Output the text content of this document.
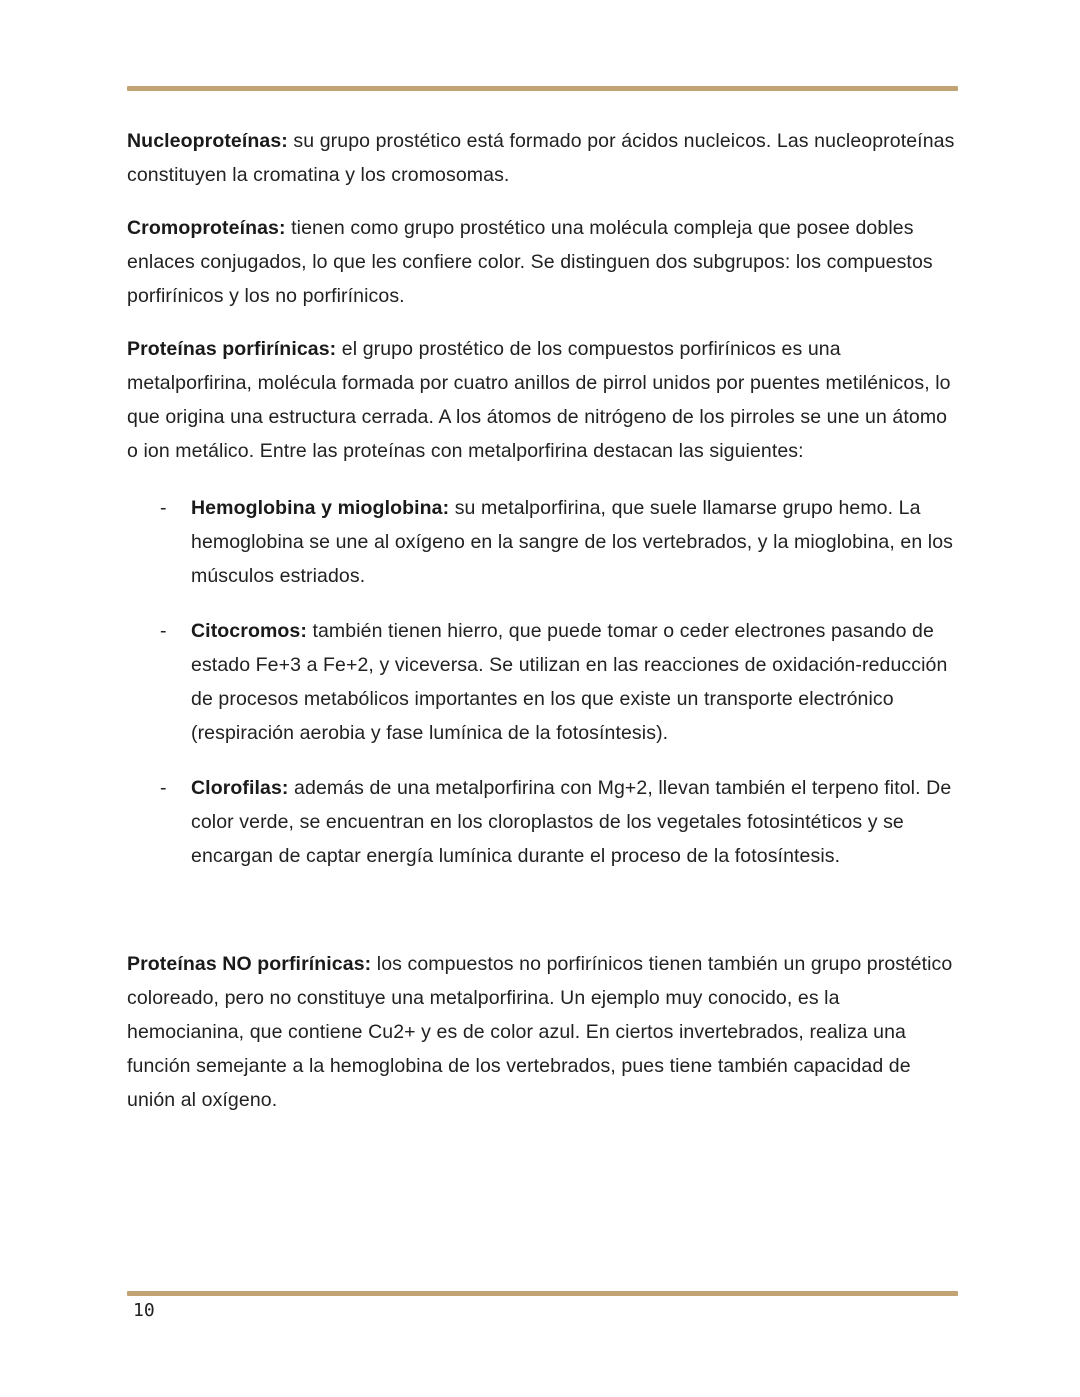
Nucleoproteínas: su grupo prostético está formado por ácidos nucleicos. Las nucleoproteínas constituyen la cromatina y los cromosomas.

Cromoproteínas: tienen como grupo prostético una molécula compleja que posee dobles enlaces conjugados, lo que les confiere color. Se distinguen dos subgrupos: los compuestos porfirínicos y los no porfirínicos.

Proteínas porfirínicas: el grupo prostético de los compuestos porfirínicos es una metalporfirina, molécula formada por cuatro anillos de pirrol unidos por puentes metilénicos, lo que origina una estructura cerrada. A los átomos de nitrógeno de los pirroles se une un átomo o ion metálico. Entre las proteínas con metalporfirina destacan las siguientes:

-	Hemoglobina y mioglobina: su metalporfirina, que suele llamarse grupo hemo. La hemoglobina se une al oxígeno en la sangre de los vertebrados, y la mioglobina, en los músculos estriados.
-	Citocromos: también tienen hierro, que puede tomar o ceder electrones pasando de estado Fe+3 a Fe+2, y viceversa. Se utilizan en las reacciones de oxidación-reducción de procesos metabólicos importantes en los que existe un transporte electrónico (respiración aerobia y fase lumínica de la fotosíntesis).
-	Clorofilas: además de una metalporfirina con Mg+2, llevan también el terpeno fitol. De color verde, se encuentran en los cloroplastos de los vegetales fotosintéticos y se encargan de captar energía lumínica durante el proceso de la fotosíntesis.

Proteínas NO porfirínicas: los compuestos no porfirínicos tienen también un grupo prostético coloreado, pero no constituye una metalporfirina. Un ejemplo muy conocido, es la hemocianina, que contiene Cu2+ y es de color azul. En ciertos invertebrados, realiza una función semejante a la hemoglobina de los vertebrados, pues tiene también capacidad de unión al oxígeno.

10
